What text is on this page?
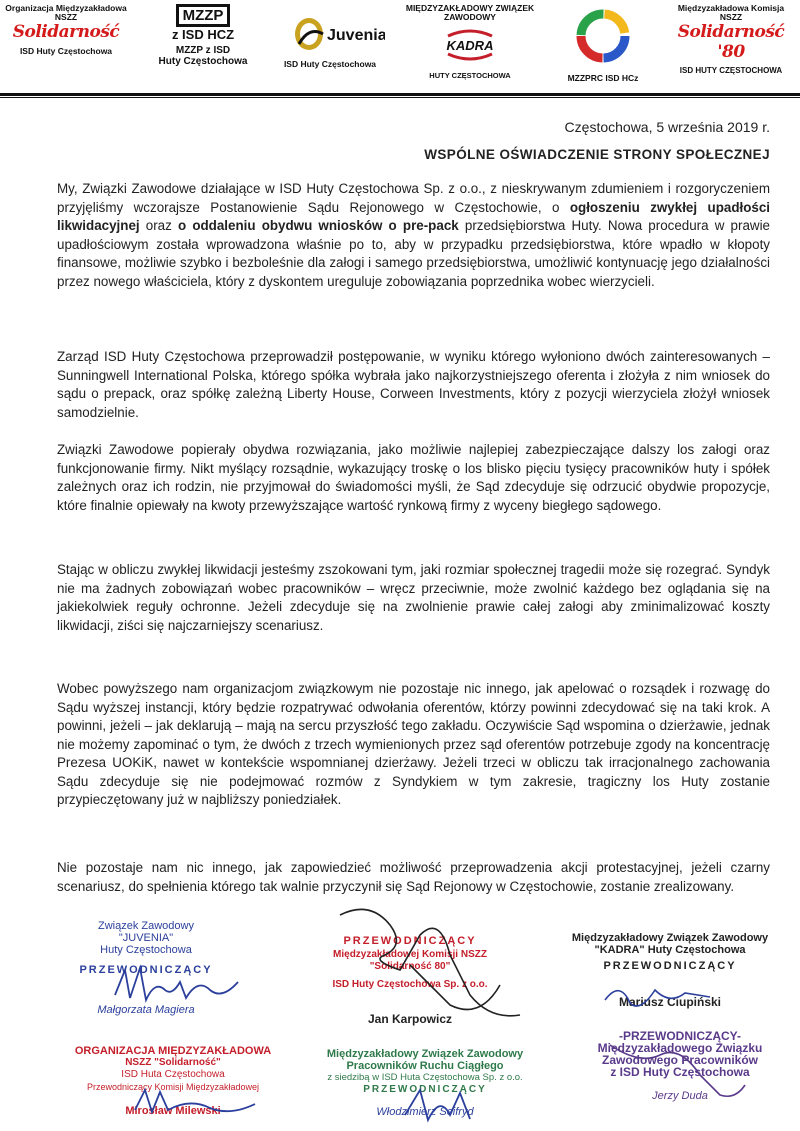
Organizacja Międzyzakładowa
NSZZ
Solidarność
ISD Huty Częstochowa
MZZP
z ISD HCZ
MZZP z ISD
Huty Częstochowa
Juvenia
ISD Huty Częstochowa
MIĘDZYZAKŁADOWY ZWIĄZEK
ZAWODOWY
KADRA
HUTY CZĘSTOCHOWA	MZZPRC ISD HCz
Międzyzakładowa Komisja
NSZZ
Solidarność '80
ISD HUTY CZĘSTOCHOWA
Częstochowa, 5 września 2019 r.
WSPÓLNE OŚWIADCZENIE STRONY SPOŁECZNEJ
My, Związki Zawodowe działające w ISD Huty Częstochowa Sp. z o.o., z nieskrywanym zdumieniem i rozgoryczeniem przyjęliśmy wczorajsze Postanowienie Sądu Rejonowego w Częstochowie, o ogłoszeniu zwykłej upadłości likwidacyjnej oraz o oddaleniu obydwu wniosków o pre-pack przedsiębiorstwa Huty. Nowa procedura w prawie upadłościowym została wprowadzona właśnie po to, aby w przypadku przedsiębiorstwa, które wpadło w kłopoty finansowe, możliwie szybko i bezboleśnie dla załogi i samego przedsiębiorstwa, umożliwić kontynuację jego działalności przez nowego właściciela, który z dyskontem ureguluje zobowiązania poprzednika wobec wierzycieli.
Zarząd ISD Huty Częstochowa przeprowadził postępowanie, w wyniku którego wyłoniono dwóch zainteresowanych – Sunningwell International Polska, którego spółka wybrała jako najkorzystniejszego oferenta i złożyła z nim wniosek do sądu o prepack, oraz spółkę zależną Liberty House, Corween Investments, który z pozycji wierzyciela złożył wniosek samodzielnie.
Związki Zawodowe popierały obydwa rozwiązania, jako możliwie najlepiej zabezpieczające dalszy los załogi oraz funkcjonowanie firmy. Nikt myślący rozsądnie, wykazujący troskę o los blisko pięciu tysięcy pracowników huty i spółek zależnych oraz ich rodzin, nie przyjmował do świadomości myśli, że Sąd zdecyduje się odrzucić obydwie propozycje, które finalnie opiewały na kwoty przewyższające wartość rynkową firmy z wyceny biegłego sądowego.
Stając w obliczu zwykłej likwidacji jesteśmy zszokowani tym, jaki rozmiar społecznej tragedii może się rozegrać. Syndyk nie ma żadnych zobowiązań wobec pracowników – wręcz przeciwnie, może zwolnić każdego bez oglądania się na jakiekolwiek reguły ochronne. Jeżeli zdecyduje się na zwolnienie prawie całej załogi aby zminimalizować koszty likwidacji, ziści się najczarniejszy scenariusz.
Wobec powyższego nam organizacjom związkowym nie pozostaje nic innego, jak apelować o rozsądek i rozwagę do Sądu wyższej instancji, który będzie rozpatrywać odwołania oferentów, którzy powinni zdecydować się na taki krok. A powinni, jeżeli – jak deklarują – mają na sercu przyszłość tego zakładu. Oczywiście Sąd wspomina o dzierżawie, jednak nie możemy zapominać o tym, że dwóch z trzech wymienionych przez sąd oferentów potrzebuje zgody na koncentrację Prezesa UOKiK, nawet w kontekście wspomnianej dzierżawy. Jeżeli trzeci w obliczu tak irracjonalnego zachowania Sądu zdecyduje się nie podejmować rozmów z Syndykiem w tym zakresie, tragiczny los Huty zostanie przypieczętowany już w najbliższy poniedziałek.
Nie pozostaje nam nic innego, jak zapowiedzieć możliwość przeprowadzenia akcji protestacyjnej, jeżeli czarny scenariusz, do spełnienia którego tak walnie przyczynił się Sąd Rejonowy w Częstochowie, zostanie zrealizowany.
Związek Zawodowy
"JUVENIA"
Huty Częstochowa
PRZEWODNICZĄCY
Małgorzata Magiera
PRZEWODNICZĄCY
Międzyzakładowej Komisji NSZZ
"Solidarność 80"
ISD Huty Częstochowa Sp. z o.o.
Jan Karpowicz
Międzyzakładowy Związek Zawodowy
"KADRA" Huty Częstochowa
PRZEWODNICZĄCY
Mariusz Ciupiński
ORGANIZACJA MIĘDZYZAKŁADOWA
NSZZ "Solidarność"
ISD Huta Częstochowa
Przewodniczący Komisji Międzyzakładowej
Mirosław Milewski
Międzyzakładowy Związek Zawodowy
Pracowników Ruchu Ciągłego
z siedzibą w ISD Huta Częstochowa Sp. z o.o.
PRZEWODNICZĄCY
Włodzimierz Seifryd
-PRZEWODNICZĄCY-
Międzyzakładowego Związku
Zawodowego Pracowników
z ISD Huty Częstochowa
Jerzy Duda
